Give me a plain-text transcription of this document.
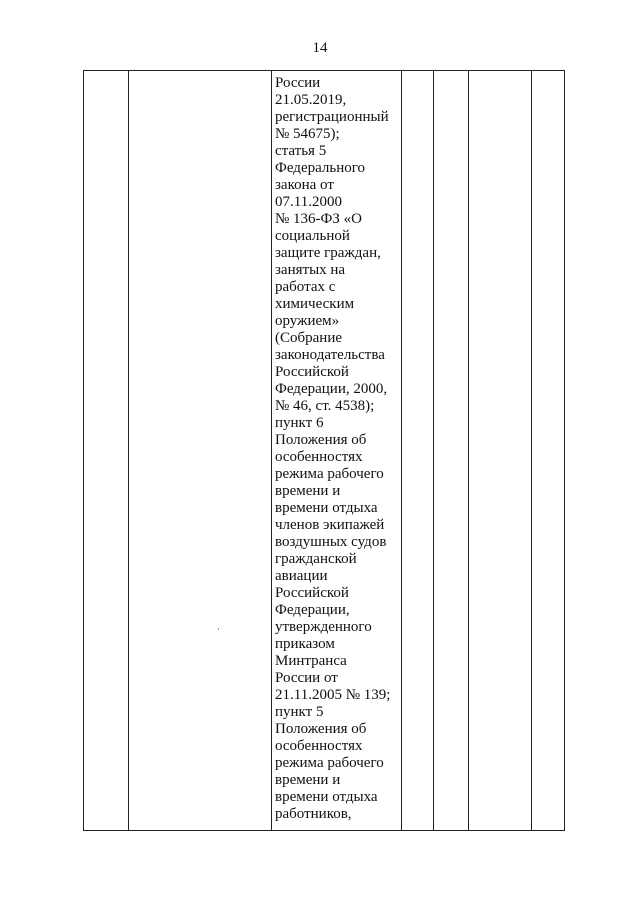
14
России
21.05.2019,
регистрационный
№ 54675);
статья 5
Федерального
закона от
07.11.2000
№ 136-ФЗ «О
социальной
защите граждан,
занятых на
работах с
химическим
оружием»
(Собрание
законодательства
Российской
Федерации, 2000,
№ 46, ст. 4538);
пункт 6
Положения об
особенностях
режима рабочего
времени и
времени отдыха
членов экипажей
воздушных судов
гражданской
авиации
Российской
Федерации,
утвержденного
приказом
Минтранса
России от
21.11.2005 № 139;
пункт 5
Положения об
особенностях
режима рабочего
времени и
времени отдыха
работников,
